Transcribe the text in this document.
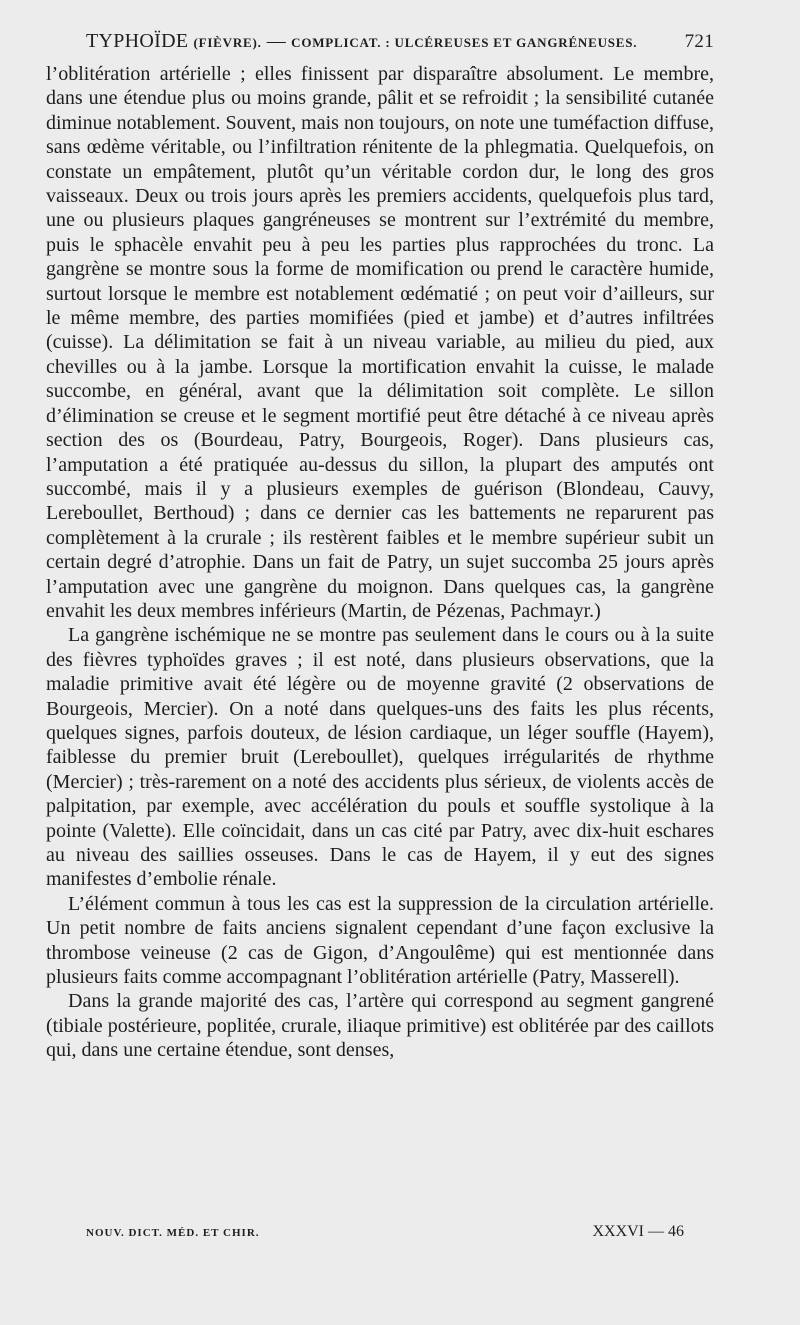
TYPHOÏDE (FIÈVRE). — COMPLICAT. : ULCÉREUSES ET GANGRÉNEUSES. 721

l’oblitération artérielle ; elles finissent par disparaître absolument. Le membre, dans une étendue plus ou moins grande, pâlit et se refroidit ; la sensibilité cutanée diminue notablement. Souvent, mais non toujours, on note une tuméfaction diffuse, sans œdème véritable, ou l’infiltration rénitente de la phlegmatia. Quelquefois, on constate un empâtement, plutôt qu’un véritable cordon dur, le long des gros vaisseaux. Deux ou trois jours après les premiers accidents, quelquefois plus tard, une ou plusieurs plaques gangréneuses se montrent sur l’extrémité du membre, puis le sphacèle envahit peu à peu les parties plus rapprochées du tronc. La gangrène se montre sous la forme de momification ou prend le caractère humide, surtout lorsque le membre est notablement œdématié ; on peut voir d’ailleurs, sur le même membre, des parties momifiées (pied et jambe) et d’autres infiltrées (cuisse). La délimitation se fait à un niveau variable, au milieu du pied, aux chevilles ou à la jambe. Lorsque la mortification envahit la cuisse, le malade succombe, en général, avant que la délimitation soit complète. Le sillon d’élimination se creuse et le segment mortifié peut être détaché à ce niveau après section des os (Bourdeau, Patry, Bourgeois, Roger). Dans plusieurs cas, l’amputation a été pratiquée au-dessus du sillon, la plupart des amputés ont succombé, mais il y a plusieurs exemples de guérison (Blondeau, Cauvy, Lereboullet, Berthoud) ; dans ce dernier cas les battements ne reparurent pas complètement à la crurale ; ils restèrent faibles et le membre supérieur subit un certain degré d’atrophie. Dans un fait de Patry, un sujet succomba 25 jours après l’amputation avec une gangrène du moignon. Dans quelques cas, la gangrène envahit les deux membres inférieurs (Martin, de Pézenas, Pachmayr.)

La gangrène ischémique ne se montre pas seulement dans le cours ou à la suite des fièvres typhoïdes graves ; il est noté, dans plusieurs observations, que la maladie primitive avait été légère ou de moyenne gravité (2 observations de Bourgeois, Mercier). On a noté dans quelques-uns des faits les plus récents, quelques signes, parfois douteux, de lésion cardiaque, un léger souffle (Hayem), faiblesse du premier bruit (Lereboullet), quelques irrégularités de rhythme (Mercier) ; très-rarement on a noté des accidents plus sérieux, de violents accès de palpitation, par exemple, avec accélération du pouls et souffle systolique à la pointe (Valette). Elle coïncidait, dans un cas cité par Patry, avec dix-huit eschares au niveau des saillies osseuses. Dans le cas de Hayem, il y eut des signes manifestes d’embolie rénale.

L’élément commun à tous les cas est la suppression de la circulation artérielle. Un petit nombre de faits anciens signalent cependant d’une façon exclusive la thrombose veineuse (2 cas de Gigon, d’Angoulême) qui est mentionnée dans plusieurs faits comme accompagnant l’oblitération artérielle (Patry, Masserell).

Dans la grande majorité des cas, l’artère qui correspond au segment gangrené (tibiale postérieure, poplitée, crurale, iliaque primitive) est oblitérée par des caillots qui, dans une certaine étendue, sont denses,

NOUV. DICT. MÉD. ET CHIR.	XXXVI — 46
